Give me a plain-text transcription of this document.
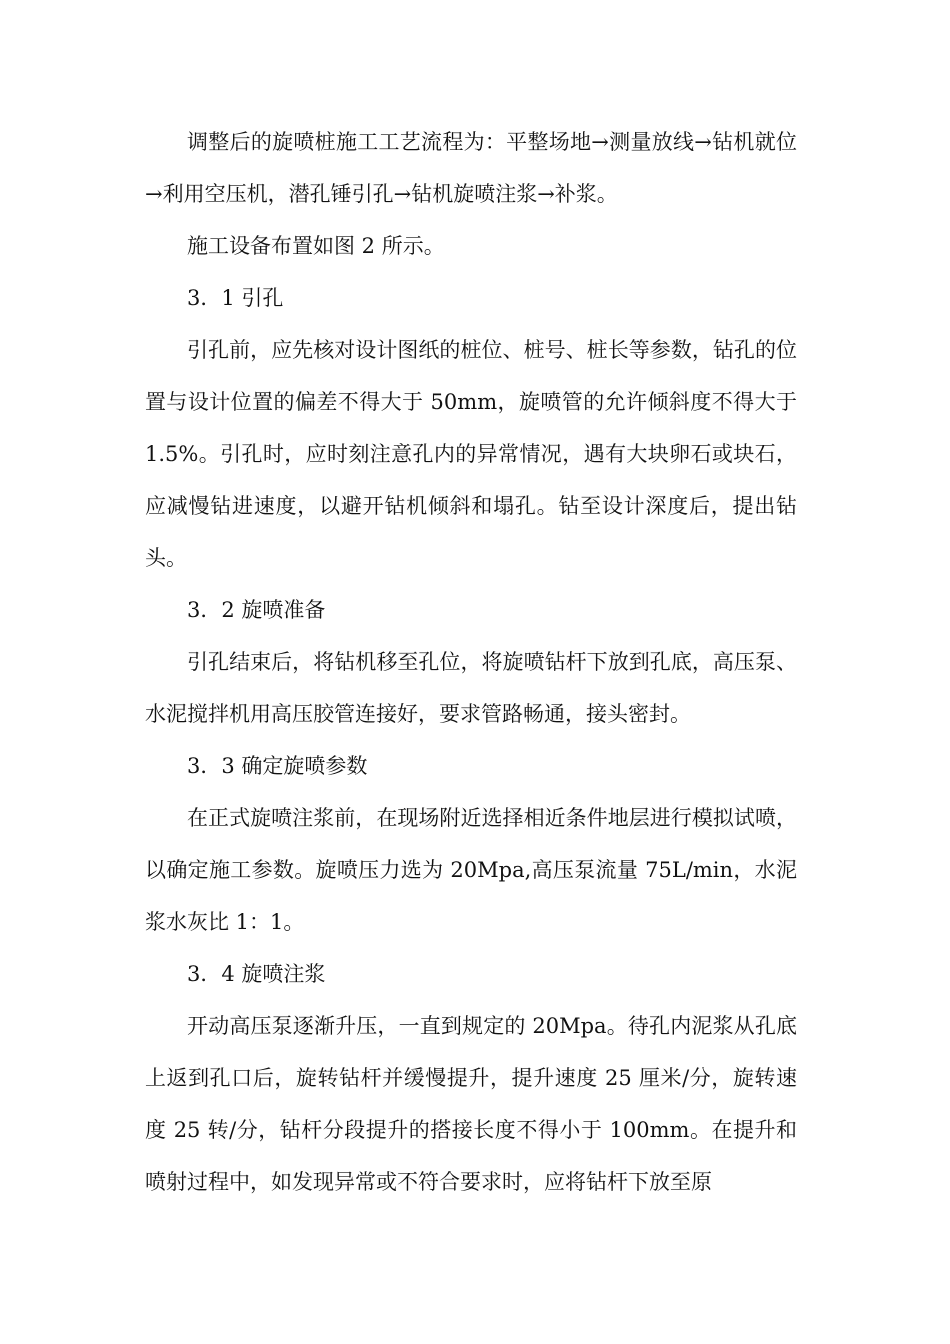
调整后的旋喷桩施工工艺流程为：平整场地→测量放线→钻机就位→利用空压机，潜孔锤引孔→钻机旋喷注浆→补浆。

施工设备布置如图 2 所示。

3．1 引孔

引孔前，应先核对设计图纸的桩位、桩号、桩长等参数，钻孔的位置与设计位置的偏差不得大于 50mm，旋喷管的允许倾斜度不得大于 1.5%。引孔时，应时刻注意孔内的异常情况，遇有大块卵石或块石，应减慢钻进速度，以避开钻机倾斜和塌孔。钻至设计深度后，提出钻头。

3．2 旋喷准备

引孔结束后，将钻机移至孔位，将旋喷钻杆下放到孔底，高压泵、水泥搅拌机用高压胶管连接好，要求管路畅通，接头密封。

3．3 确定旋喷参数

在正式旋喷注浆前，在现场附近选择相近条件地层进行模拟试喷，以确定施工参数。旋喷压力选为 20Mpa,高压泵流量 75L/min，水泥浆水灰比 1：1。

3．4 旋喷注浆

开动高压泵逐渐升压，一直到规定的 20Mpa。待孔内泥浆从孔底上返到孔口后，旋转钻杆并缓慢提升，提升速度 25 厘米/分，旋转速度 25 转/分，钻杆分段提升的搭接长度不得小于 100mm。在提升和喷射过程中，如发现异常或不符合要求时，应将钻杆下放至原
